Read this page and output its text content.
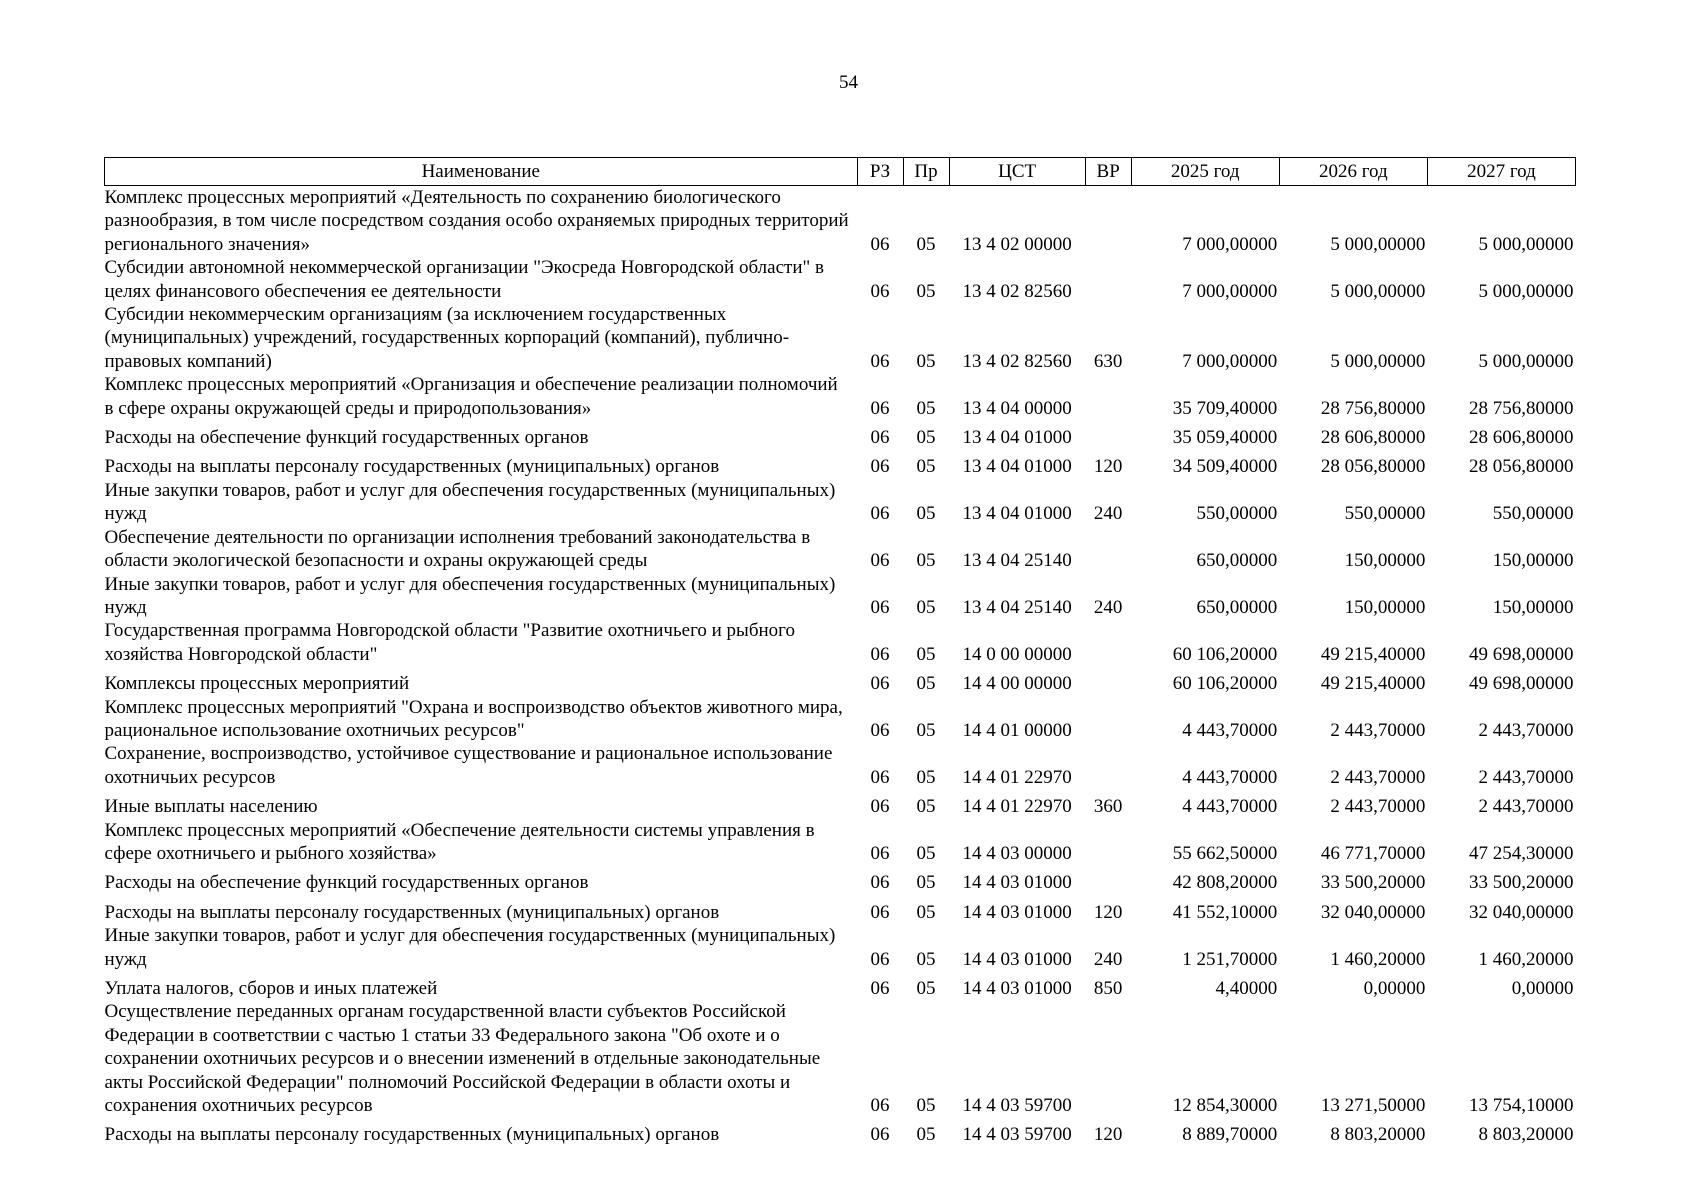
54
Наименование	РЗ	Пр	ЦСТ	ВР	2025 год	2026 год	2027 год
Комплекс процессных мероприятий «Деятельность по сохранению биологического разнообразия, в том числе посредством создания особо охраняемых природных территорий регионального значения»	06	05	13 4 02 00000		7 000,00000	5 000,00000	5 000,00000
Субсидии автономной некоммерческой организации "Экосреда Новгородской области" в целях финансового обеспечения ее деятельности	06	05	13 4 02 82560		7 000,00000	5 000,00000	5 000,00000
Субсидии некоммерческим организациям (за исключением государственных (муниципальных) учреждений, государственных корпораций (компаний), публично-правовых компаний)	06	05	13 4 02 82560	630	7 000,00000	5 000,00000	5 000,00000
Комплекс процессных мероприятий «Организация и обеспечение реализации полномочий в сфере охраны окружающей среды и природопользования»	06	05	13 4 04 00000		35 709,40000	28 756,80000	28 756,80000
Расходы на обеспечение функций государственных органов	06	05	13 4 04 01000		35 059,40000	28 606,80000	28 606,80000
Расходы на выплаты персоналу государственных (муниципальных) органов	06	05	13 4 04 01000	120	34 509,40000	28 056,80000	28 056,80000
Иные закупки товаров, работ и услуг для обеспечения государственных (муниципальных) нужд	06	05	13 4 04 01000	240	550,00000	550,00000	550,00000
Обеспечение деятельности по организации исполнения требований законодательства в области экологической безопасности и охраны окружающей среды	06	05	13 4 04 25140		650,00000	150,00000	150,00000
Иные закупки товаров, работ и услуг для обеспечения государственных (муниципальных) нужд	06	05	13 4 04 25140	240	650,00000	150,00000	150,00000
Государственная программа Новгородской области "Развитие охотничьего и рыбного хозяйства Новгородской области"	06	05	14 0 00 00000		60 106,20000	49 215,40000	49 698,00000
Комплексы процессных мероприятий	06	05	14 4 00 00000		60 106,20000	49 215,40000	49 698,00000
Комплекс процессных мероприятий "Охрана и воспроизводство объектов животного мира, рациональное использование охотничьих ресурсов"	06	05	14 4 01 00000		4 443,70000	2 443,70000	2 443,70000
Сохранение, воспроизводство, устойчивое существование и рациональное использование охотничьих ресурсов	06	05	14 4 01 22970		4 443,70000	2 443,70000	2 443,70000
Иные выплаты населению	06	05	14 4 01 22970	360	4 443,70000	2 443,70000	2 443,70000
Комплекс процессных мероприятий «Обеспечение деятельности системы управления в сфере охотничьего и рыбного хозяйства»	06	05	14 4 03 00000		55 662,50000	46 771,70000	47 254,30000
Расходы на обеспечение функций государственных органов	06	05	14 4 03 01000		42 808,20000	33 500,20000	33 500,20000
Расходы на выплаты персоналу государственных (муниципальных) органов	06	05	14 4 03 01000	120	41 552,10000	32 040,00000	32 040,00000
Иные закупки товаров, работ и услуг для обеспечения государственных (муниципальных) нужд	06	05	14 4 03 01000	240	1 251,70000	1 460,20000	1 460,20000
Уплата налогов, сборов и иных платежей	06	05	14 4 03 01000	850	4,40000	0,00000	0,00000
Осуществление переданных органам государственной власти субъектов Российской Федерации в соответствии с частью 1 статьи 33 Федерального закона "Об охоте и о сохранении охотничьих ресурсов и о внесении изменений в отдельные законодательные акты Российской Федерации" полномочий Российской Федерации в области охоты и сохранения охотничьих ресурсов	06	05	14 4 03 59700		12 854,30000	13 271,50000	13 754,10000
Расходы на выплаты персоналу государственных (муниципальных) органов	06	05	14 4 03 59700	120	8 889,70000	8 803,20000	8 803,20000
